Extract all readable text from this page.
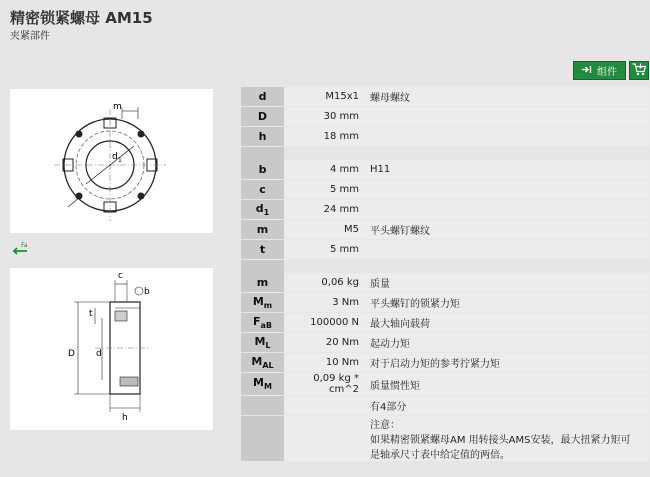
精密锁紧螺母 AM15
夹紧部件
组件
m
d 1
Fa
c
b
t
D d
h
d	M15x1	螺母螺纹
D	30 mm	
h	18 mm	

b	4 mm	H11
c	5 mm	
$d_1$	24 mm	
m	M5	平头螺钉螺纹
t	5 mm	

m	0,06 kg	质量
$M_m$	3 Nm	平头螺钉的锁紧力矩
$F_{aB}$	100000 N	最大轴向载荷
$M_L$	20 Nm	起动力矩
$M_{AL}$	10 Nm	对于启动力矩的参考拧紧力矩
$M_M$	0,09 kg * cm^2	质量惯性矩
		有4部分

		注意：
如果精密锁紧螺母AM 用转接头AMS安装，最大扭紧力矩可
是轴承尺寸表中给定值的两倍。
